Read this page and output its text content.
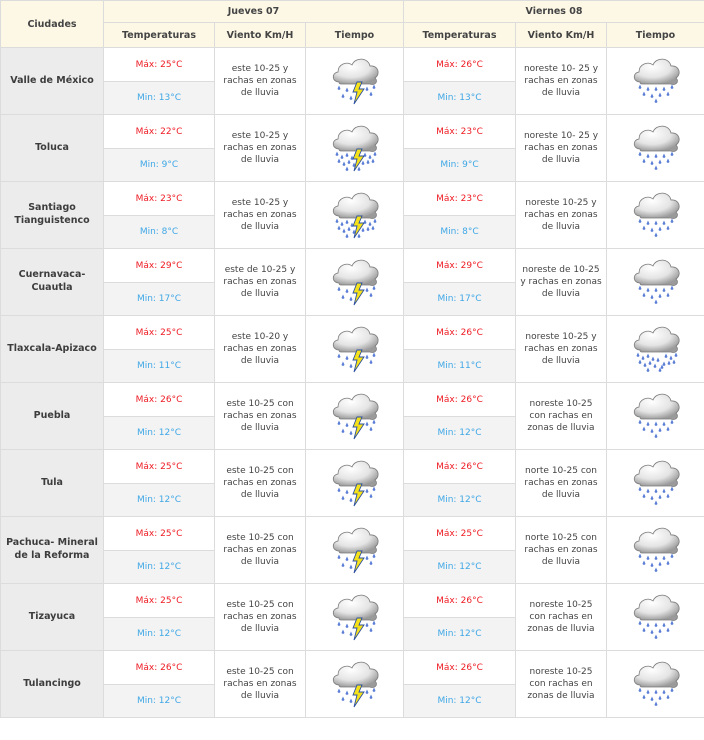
Ciudades	Jueves 07			Viernes 08		
	Temperaturas	Viento Km/H	Tiempo	Temperaturas	Viento Km/H	Tiempo
Valle de México	Máx: 25°C	este 10-25 y rachas en zonas de lluvia		Máx: 26°C	noreste 10- 25 y rachas en zonas de lluvia	
	Min: 13°C			Min: 13°C		
Toluca	Máx: 22°C	este 10-25 y rachas en zonas de lluvia		Máx: 23°C	noreste 10- 25 y rachas en zonas de lluvia	
	Min: 9°C			Min: 9°C		
Santiago Tianguistenco	Máx: 23°C	este 10-25 y rachas en zonas de lluvia		Máx: 23°C	noreste 10-25 y rachas en zonas de lluvia	
	Min: 8°C			Min: 8°C		
Cuernavaca-Cuautla	Máx: 29°C	este de 10-25 y rachas en zonas de lluvia		Máx: 29°C	noreste de 10-25 y rachas en zonas de lluvia	
	Min: 17°C			Min: 17°C		
Tlaxcala-Apizaco	Máx: 25°C	este 10-20 y rachas en zonas de lluvia		Máx: 26°C	noreste 10-25 y rachas en zonas de lluvia	
	Min: 11°C			Min: 11°C		
Puebla	Máx: 26°C	este 10-25 con rachas en zonas de lluvia		Máx: 26°C	noreste 10-25 con rachas en zonas de lluvia	
	Min: 12°C			Min: 12°C		
Tula	Máx: 25°C	este 10-25 con rachas en zonas de lluvia		Máx: 26°C	norte 10-25 con rachas en zonas de lluvia	
	Min: 12°C			Min: 12°C		
Pachuca- Mineral de la Reforma	Máx: 25°C	este 10-25 con rachas en zonas de lluvia		Máx: 25°C	norte 10-25 con rachas en zonas de lluvia	
	Min: 12°C			Min: 12°C		
Tizayuca	Máx: 25°C	este 10-25 con rachas en zonas de lluvia		Máx: 26°C	noreste 10-25 con rachas en zonas de lluvia	
	Min: 12°C			Min: 12°C		
Tulancingo	Máx: 26°C	este 10-25 con rachas en zonas de lluvia		Máx: 26°C	noreste 10-25 con rachas en zonas de lluvia	
	Min: 12°C			Min: 12°C		
